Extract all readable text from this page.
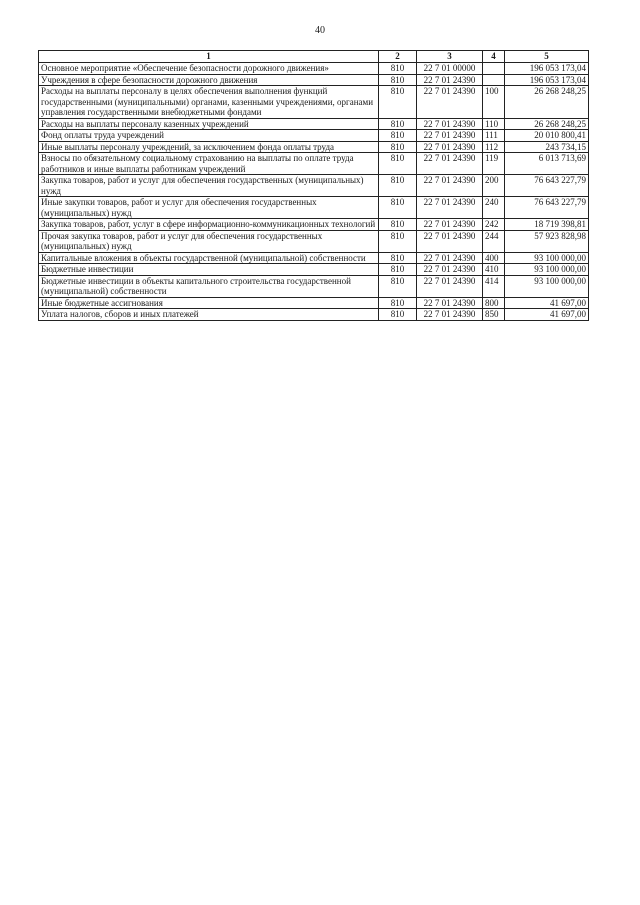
40
1	2	3	4	5
Основное мероприятие «Обеспечение безопасности дорожного движения»	810	22 7 01 00000		196 053 173,04
Учреждения в сфере безопасности дорожного движения	810	22 7 01 24390		196 053 173,04
Расходы на выплаты персоналу в целях обеспечения выполнения функций государственными (муниципальными) органами, казенными учреждениями, органами управления государственными внебюджетными фондами	810	22 7 01 24390	100	26 268 248,25
Расходы на выплаты персоналу казенных учреждений	810	22 7 01 24390	110	26 268 248,25
Фонд оплаты труда учреждений	810	22 7 01 24390	111	20 010 800,41
Иные выплаты персоналу учреждений, за исключением фонда оплаты труда	810	22 7 01 24390	112	243 734,15
Взносы по обязательному социальному страхованию на выплаты по оплате труда работников и иные выплаты работникам учреждений	810	22 7 01 24390	119	6 013 713,69
Закупка товаров, работ и услуг для обеспечения государственных (муниципальных) нужд	810	22 7 01 24390	200	76 643 227,79
Иные закупки товаров, работ и услуг для обеспечения государственных (муниципальных) нужд	810	22 7 01 24390	240	76 643 227,79
Закупка товаров, работ, услуг в сфере информационно-коммуникационных технологий	810	22 7 01 24390	242	18 719 398,81
Прочая закупка товаров, работ и услуг для обеспечения государственных (муниципальных) нужд	810	22 7 01 24390	244	57 923 828,98
Капитальные вложения в объекты государственной (муниципальной) собственности	810	22 7 01 24390	400	93 100 000,00
Бюджетные инвестиции	810	22 7 01 24390	410	93 100 000,00
Бюджетные инвестиции в объекты капитального строительства государственной (муниципальной) собственности	810	22 7 01 24390	414	93 100 000,00
Иные бюджетные ассигнования	810	22 7 01 24390	800	41 697,00
Уплата налогов, сборов и иных платежей	810	22 7 01 24390	850	41 697,00
